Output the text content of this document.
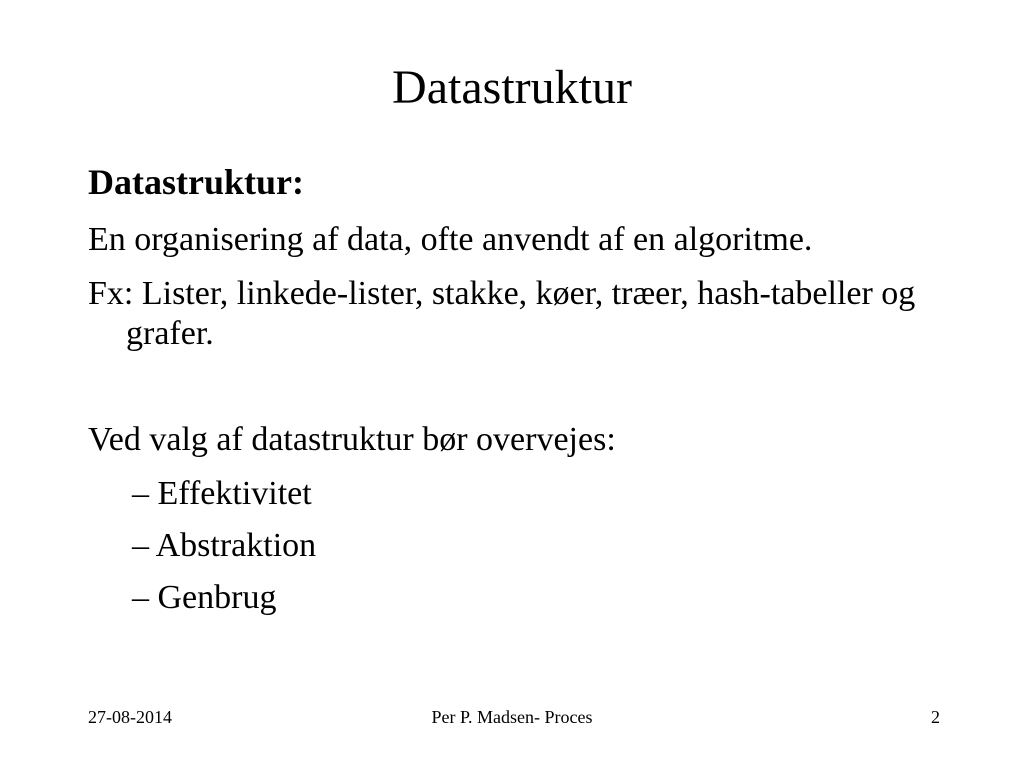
Datastruktur
Datastruktur:
En organisering af data, ofte anvendt af en algoritme.
Fx: Lister, linkede-lister, stakke, køer, træer, hash-tabeller og grafer.
Ved valg af datastruktur bør overvejes:
– Effektivitet
– Abstraktion
– Genbrug
27-08-2014	Per P. Madsen- Proces	2
